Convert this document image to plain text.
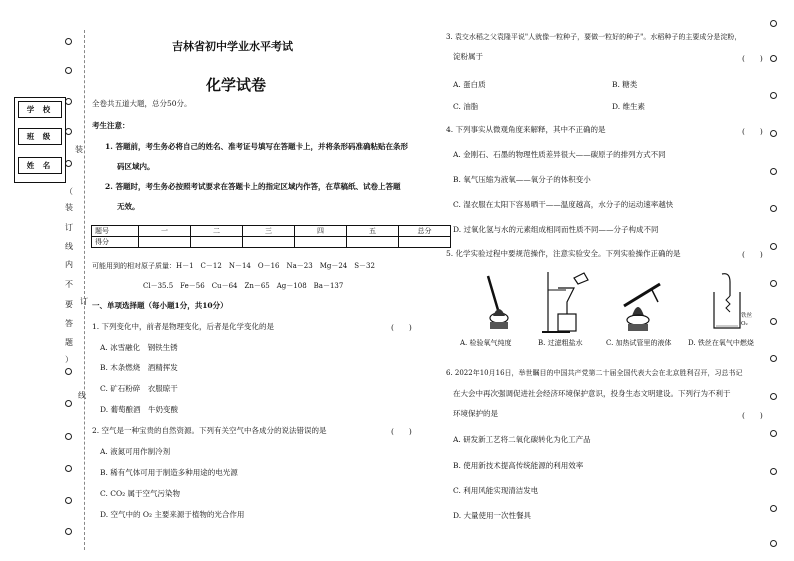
学 校
班 级
姓 名
装
（
装
订
线
内
不
要
答
题
）
订
线
吉林省初中学业水平考试
化学试卷
全卷共五道大题，总分50分。
考生注意：
1. 答题前，考生务必将自己的姓名、准考证号填写在答题卡上，并将条形码准确粘贴在条形
码区域内。
2. 答题时，考生务必按照考试要求在答题卡上的指定区域内作答，在草稿纸、试卷上答题
无效。
题号	一	二	三	四	五	总分
得分						
可能用到的相对原子质量：H－1　C－12　N－14　O－16　Na－23　Mg－24　S－32
Cl－35.5　Fe－56　Cu－64　Zn－65　Ag－108　Ba－137
一、单项选择题（每小题1分，共10分）
1. 下列变化中，前者是物理变化，后者是化学变化的是	(　　)
A. 冰雪融化　钢铁生锈
B. 木条燃烧　酒精挥发
C. 矿石粉碎　衣服晾干
D. 葡萄酿酒　牛奶变酸
2. 空气是一种宝贵的自然资源。下列有关空气中各成分的说法错误的是	(　　)
A. 液氮可用作制冷剂
B. 稀有气体可用于制造多种用途的电光源
C. CO₂ 属于空气污染物
D. 空气中的 O₂ 主要来源于植物的光合作用
3. 袁交水稻之父袁隆平说"人就像一粒种子，要做一粒好的种子"。水稻种子的主要成分是淀粉，
淀粉属于	(　　)
A. 蛋白质	B. 糖类
C. 油脂	D. 维生素
4. 下列事实从微观角度来解释，其中不正确的是	(　　)
A. 金刚石、石墨的物理性质差异很大——碳原子的排列方式不同
B. 氧气压缩为液氧——氧分子的体积变小
C. 湿衣服在太阳下容易晒干——温度越高，水分子的运动速率越快
D. 过氧化氢与水的元素组成相同而性质不同——分子构成不同
5. 化学实验过程中要规范操作，注意实验安全。下列实验操作正确的是	(　　)
铁丝
O₂
A. 检验氧气纯度	B. 过滤粗盐水	C. 加热试管里的液体 D. 铁丝在氧气中燃烧
6. 2022年10月16日，举世瞩目的中国共产党第二十届全国代表大会在北京胜利召开，习总书记
在大会中再次强调促进社会经济环境保护意识，投身生态文明建设。下列行为不利于
环境保护的是	(　　)
A. 研发新工艺将二氧化碳转化为化工产品
B. 使用新技术提高传统能源的利用效率
C. 利用风能实现清洁发电
D. 大量使用一次性餐具
